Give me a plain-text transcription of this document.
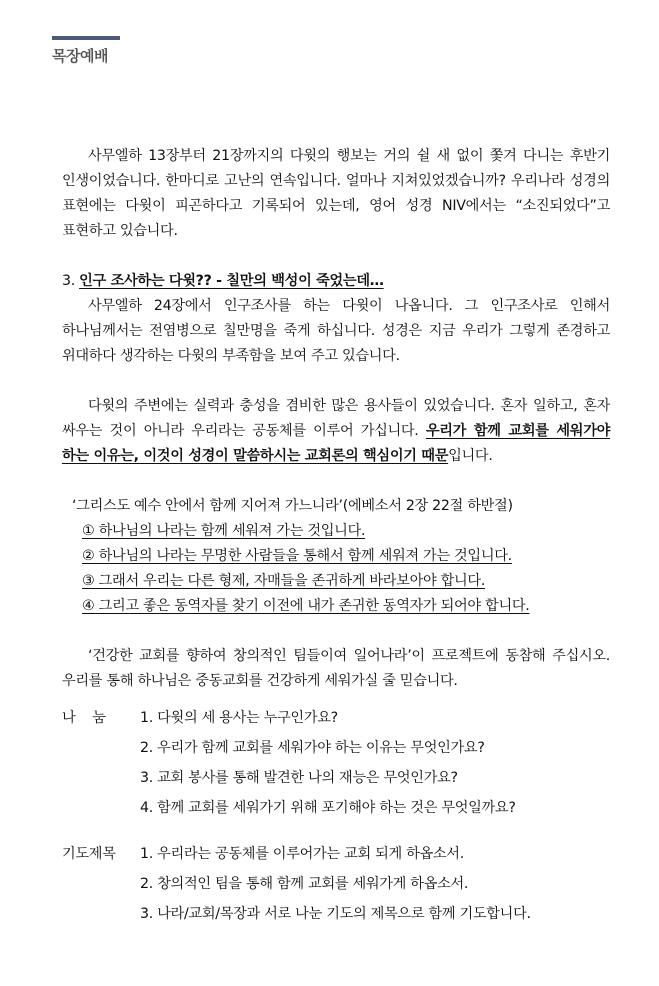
목장예배

사무엘하 13장부터 21장까지의 다윗의 행보는 거의 쉴 새 없이 쫓겨 다니는 후반기 인생이었습니다. 한마디로 고난의 연속입니다. 얼마나 지쳐있었겠습니까? 우리나라 성경의 표현에는 다윗이 피곤하다고 기록되어 있는데, 영어 성경 NIV에서는 “소진되었다”고 표현하고 있습니다.

3. 인구 조사하는 다윗?? - 칠만의 백성이 죽었는데…

사무엘하 24장에서 인구조사를 하는 다윗이 나옵니다. 그 인구조사로 인해서 하나님께서는 전염병으로 칠만명을 죽게 하십니다. 성경은 지금 우리가 그렇게 존경하고 위대하다 생각하는 다윗의 부족함을 보여 주고 있습니다.

다윗의 주변에는 실력과 충성을 겸비한 많은 용사들이 있었습니다. 혼자 일하고, 혼자 싸우는 것이 아니라 우리라는 공동체를 이루어 가십니다. 우리가 함께 교회를 세워가야 하는 이유는, 이것이 성경이 말씀하시는 교회론의 핵심이기 때문입니다.

‘그리스도 예수 안에서 함께 지어져 가느니라’(에베소서 2장 22절 하반절)

① 하나님의 나라는 함께 세워져 가는 것입니다.

② 하나님의 나라는 무명한 사람들을 통해서 함께 세워져 가는 것입니다.

③ 그래서 우리는 다른 형제, 자매들을 존귀하게 바라보아야 합니다.

④ 그리고 좋은 동역자를 찾기 이전에 내가 존귀한 동역자가 되어야 합니다.

‘건강한 교회를 향하여 창의적인 팀들이여 일어나라’이 프로젝트에 동참해 주십시오. 우리를 통해 하나님은 중동교회를 건강하게 세워가실 줄 믿습니다.

나    눔	1. 다윗의 세 용사는 누구인가요?
2. 우리가 함께 교회를 세워가야 하는 이유는 무엇인가요?
3. 교회 봉사를 통해 발견한 나의 재능은 무엇인가요?
4. 함께 교회를 세워가기 위해 포기해야 하는 것은 무엇일까요?
기도제목	1. 우리라는 공동체를 이루어가는 교회 되게 하옵소서.
2. 창의적인 팀을 통해 함께 교회를 세워가게 하옵소서.
3. 나라/교회/목장과 서로 나눈 기도의 제목으로 함께 기도합니다.
